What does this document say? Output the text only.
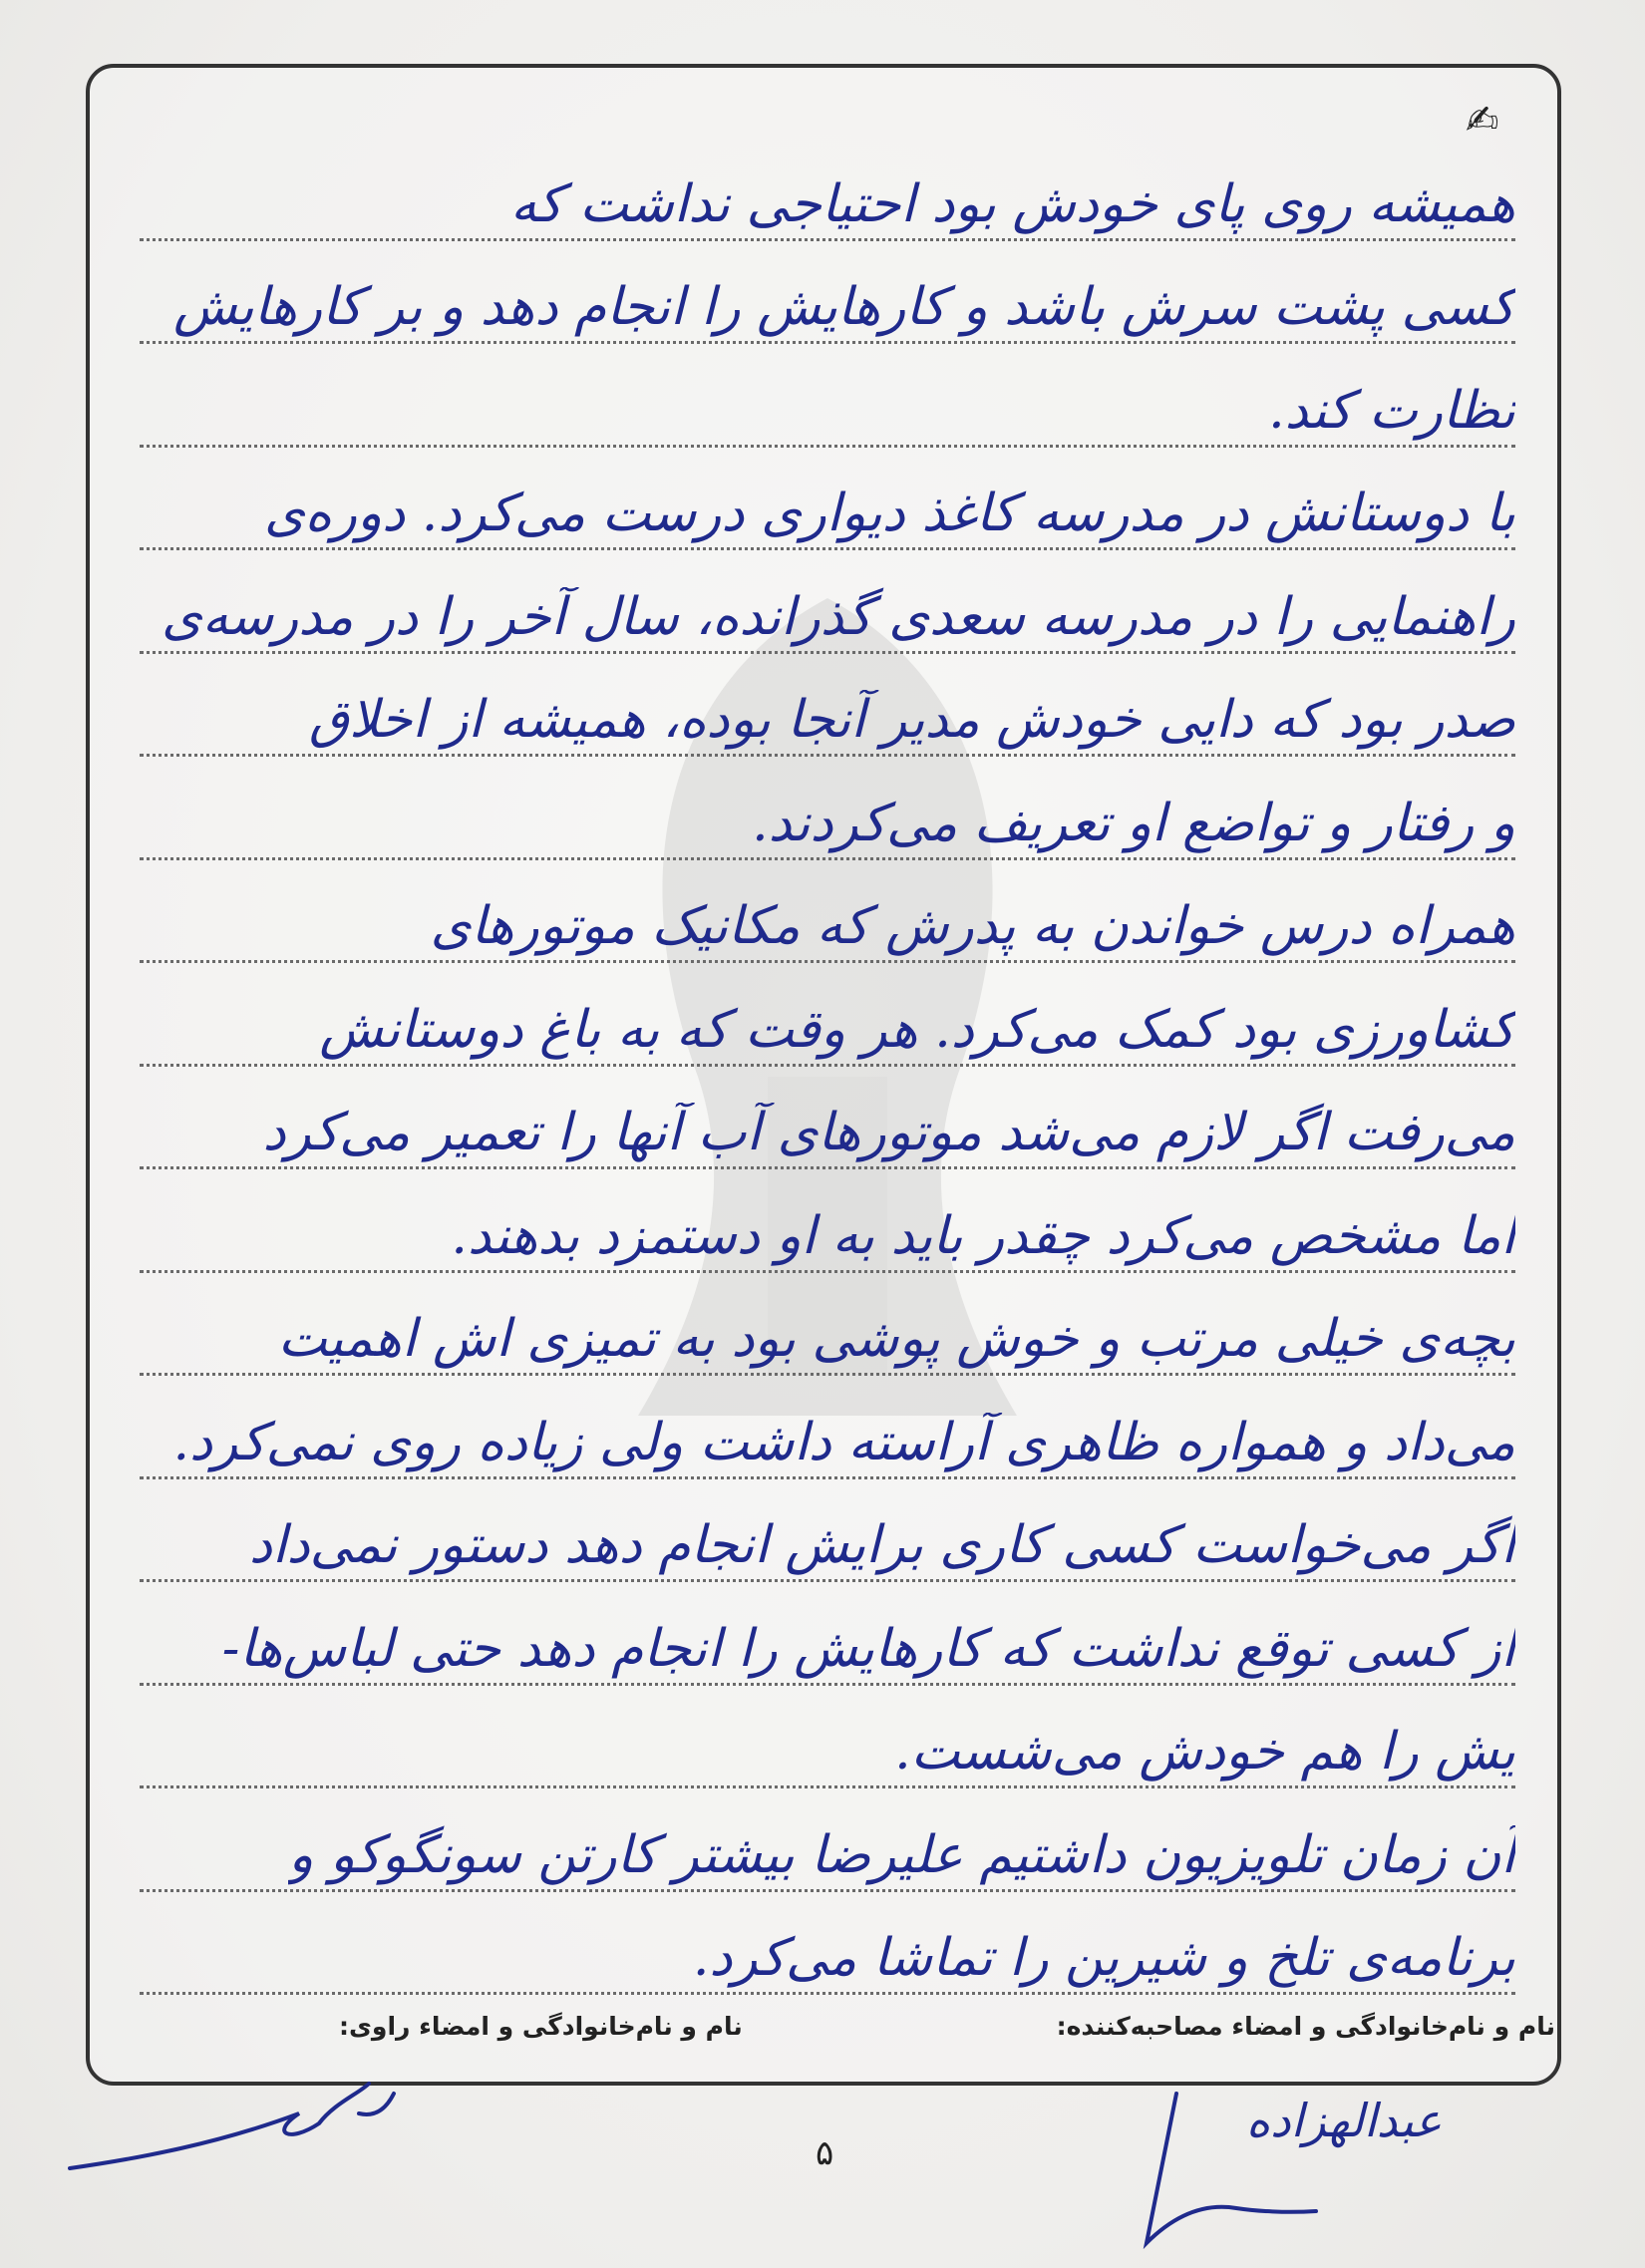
✍
همیشه روی پای خودش بود احتیاجی نداشت که
کسی پشت سرش باشد و کارهایش را انجام دهد و بر کارهایش
نظارت کند.
با دوستانش در مدرسه کاغذ دیواری درست می‌کرد. دوره‌ی
راهنمایی را در مدرسه سعدی گذرانده، سال آخر را در مدرسه‌ی
صدر بود که دایی خودش مدیر آنجا بوده، همیشه از اخلاق
و رفتار و تواضع او تعریف می‌کردند.
همراه درس خواندن به پدرش که مکانیک موتورهای
کشاورزی بود کمک می‌کرد. هر وقت که به باغ دوستانش
می‌رفت اگر لازم می‌شد موتورهای آب آنها را تعمیر می‌کرد
اما مشخص می‌کرد چقدر باید به او دستمزد بدهند.
بچه‌ی خیلی مرتب و خوش پوشی بود به تمیزی اش اهمیت
می‌داد و همواره ظاهری آراسته داشت ولی زیاده روی نمی‌کرد.
اگر می‌خواست کسی کاری برایش انجام دهد دستور نمی‌داد
از کسی توقع نداشت که کارهایش را انجام دهد حتی لباس‌ها-
یش را هم خودش می‌شست.
آن زمان تلویزیون داشتیم علیرضا بیشتر کارتن سونگوکو و
برنامه‌ی تلخ و شیرین را تماشا می‌کرد.
نام و نام‌خانوادگی و امضاء مصاحبه‌کننده:
نام و نام‌خانوادگی و امضاء راوی:
عبدالهزاده
۵
